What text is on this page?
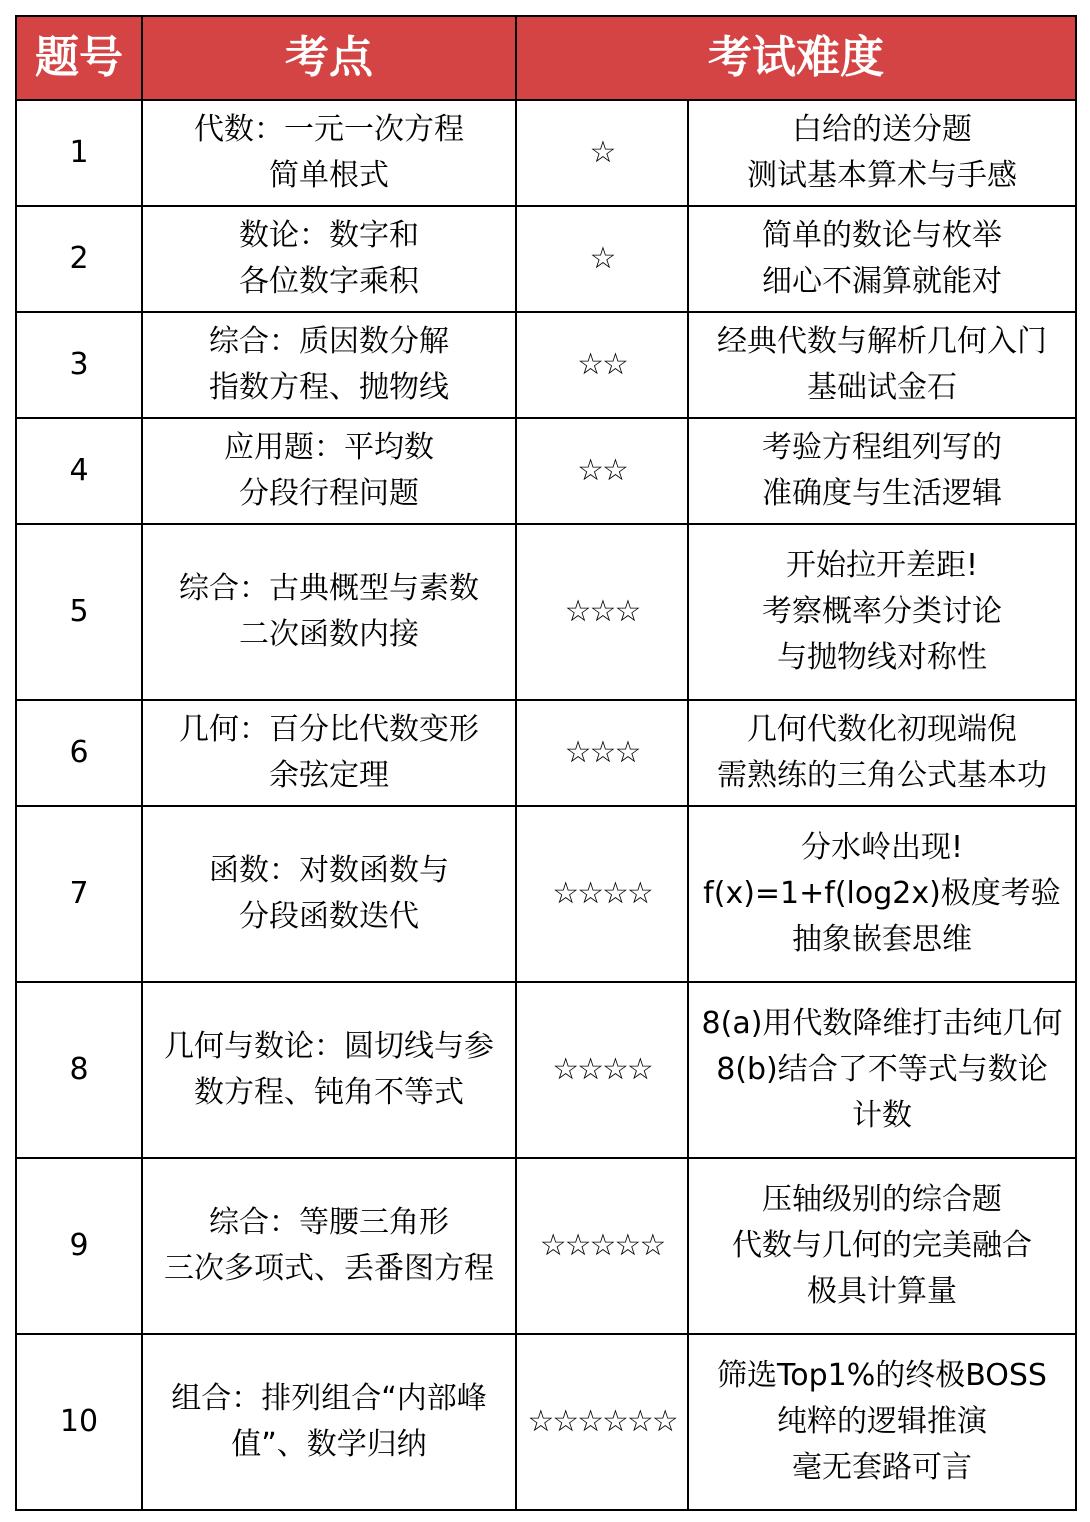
题号	考点	考试难度	
1	代数：一元一次方程
简单根式	☆	白给的送分题
测试基本算术与手感

2	数论：数字和
各位数字乘积	☆	简单的数论与枚举
细心不漏算就能对

3	综合：质因数分解
指数方程、抛物线	☆☆	经典代数与解析几何入门
基础试金石

4	应用题：平均数
分段行程问题	☆☆	考验方程组列写的
准确度与生活逻辑

5	综合：古典概型与素数
二次函数内接	☆☆☆	开始拉开差距!
考察概率分类讨论
与抛物线对称性

6	几何：百分比代数变形
余弦定理	☆☆☆	几何代数化初现端倪
需熟练的三角公式基本功

7	函数：对数函数与
分段函数迭代	☆☆☆☆	分水岭出现!
f(x)=1+f(log2x)极度考验
抽象嵌套思维

8	几何与数论：圆切线与参
数方程、钝角不等式	☆☆☆☆	8(a)用代数降维打击纯几何
8(b)结合了不等式与数论
计数

9	综合：等腰三角形
三次多项式、丢番图方程	☆☆☆☆☆	压轴级别的综合题
代数与几何的完美融合
极具计算量

10	组合：排列组合“内部峰
值”、数学归纳	☆☆☆☆☆☆	筛选Top1%的终极BOSS
纯粹的逻辑推演
毫无套路可言
